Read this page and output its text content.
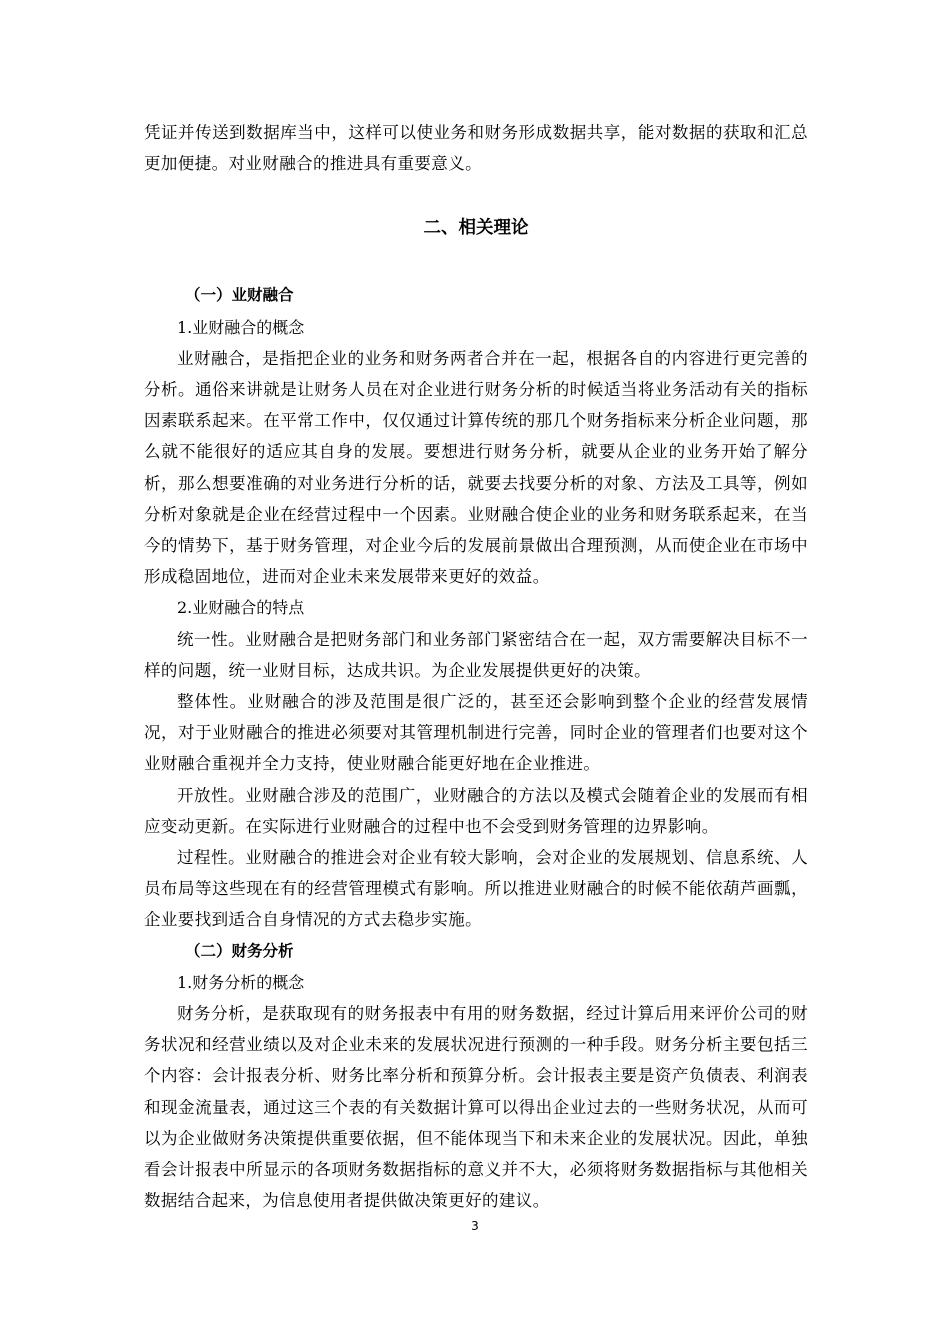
凭证并传送到数据库当中，这样可以使业务和财务形成数据共享，能对数据的获取和汇总更加便捷。对业财融合的推进具有重要意义。

二、相关理论
（一）业财融合
1.业财融合的概念

业财融合，是指把企业的业务和财务两者合并在一起，根据各自的内容进行更完善的分析。通俗来讲就是让财务人员在对企业进行财务分析的时候适当将业务活动有关的指标因素联系起来。在平常工作中，仅仅通过计算传统的那几个财务指标来分析企业问题，那么就不能很好的适应其自身的发展。要想进行财务分析，就要从企业的业务开始了解分析，那么想要准确的对业务进行分析的话，就要去找要分析的对象、方法及工具等，例如分析对象就是企业在经营过程中一个因素。业财融合使企业的业务和财务联系起来，在当今的情势下，基于财务管理，对企业今后的发展前景做出合理预测，从而使企业在市场中形成稳固地位，进而对企业未来发展带来更好的效益。

2.业财融合的特点

统一性。业财融合是把财务部门和业务部门紧密结合在一起，双方需要解决目标不一样的问题，统一业财目标，达成共识。为企业发展提供更好的决策。

整体性。业财融合的涉及范围是很广泛的，甚至还会影响到整个企业的经营发展情况，对于业财融合的推进必须要对其管理机制进行完善，同时企业的管理者们也要对这个业财融合重视并全力支持，使业财融合能更好地在企业推进。

开放性。业财融合涉及的范围广，业财融合的方法以及模式会随着企业的发展而有相应变动更新。在实际进行业财融合的过程中也不会受到财务管理的边界影响。

过程性。业财融合的推进会对企业有较大影响，会对企业的发展规划、信息系统、人员布局等这些现在有的经营管理模式有影响。所以推进业财融合的时候不能依葫芦画瓢，企业要找到适合自身情况的方式去稳步实施。

（二）财务分析
1.财务分析的概念

财务分析，是获取现有的财务报表中有用的财务数据，经过计算后用来评价公司的财务状况和经营业绩以及对企业未来的发展状况进行预测的一种手段。财务分析主要包括三个内容：会计报表分析、财务比率分析和预算分析。会计报表主要是资产负债表、利润表和现金流量表，通过这三个表的有关数据计算可以得出企业过去的一些财务状况，从而可以为企业做财务决策提供重要依据，但不能体现当下和未来企业的发展状况。因此，单独看会计报表中所显示的各项财务数据指标的意义并不大，必须将财务数据指标与其他相关数据结合起来，为信息使用者提供做决策更好的建议。

3
